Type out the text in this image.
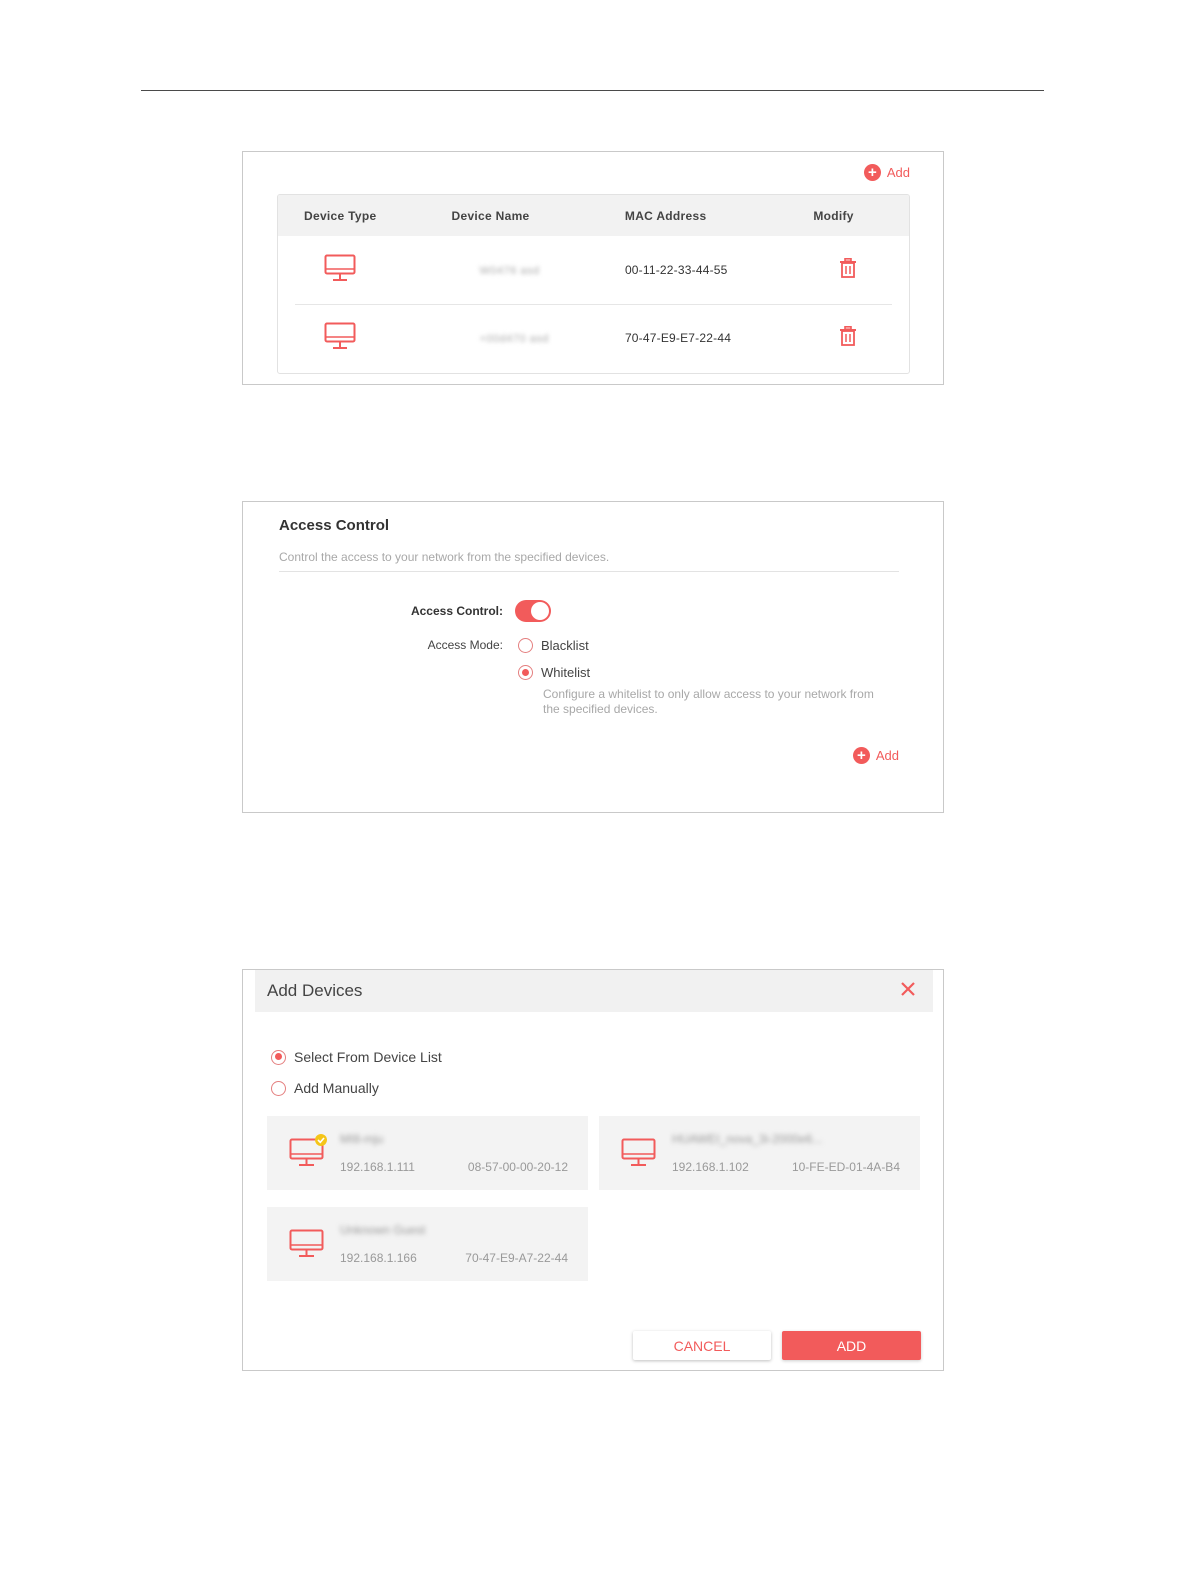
+ Add
Device Type	Device Name	MAC Address	Modify
W0476 asd	00-11-22-33-44-55
+00d470 asd	70-47-E9-E7-22-44
Access Control
Control the access to your network from the specified devices.
Access Control:
Access Mode:	Blacklist
Whitelist
Configure a whitelist to only allow access to your network from the specified devices.
+ Add
Add Devices
Select From Device List
Add Manually
MI8-mju
192.168.1.111	08-57-00-00-20-12
HUAWEI_nova_3i-2000e6...
192.168.1.102	10-FE-ED-01-4A-B4
Unknown Guest
192.168.1.166	70-47-E9-A7-22-44
CANCEL	ADD
